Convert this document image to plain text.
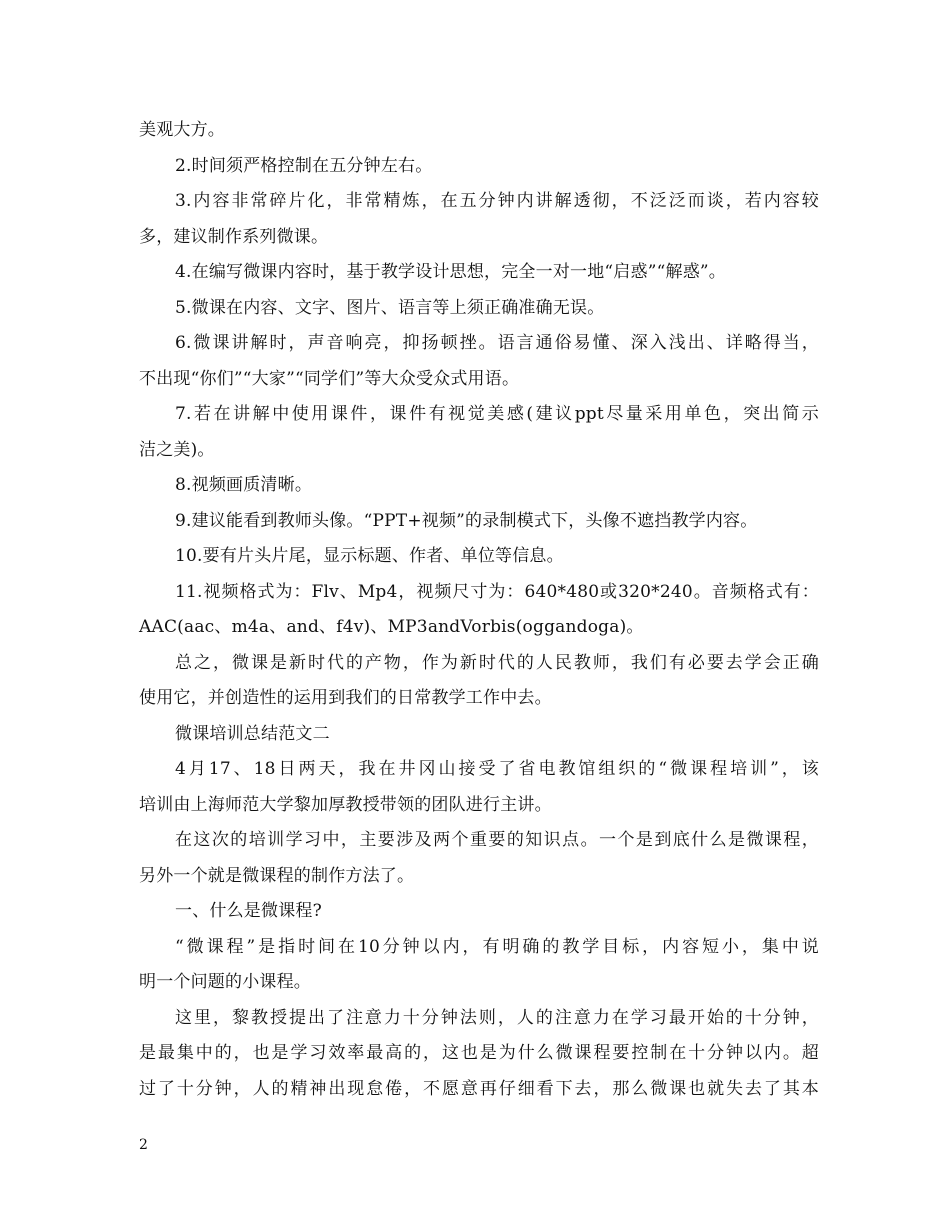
美观大方。
2.时间须严格控制在五分钟左右。
3.内容非常碎片化，非常精炼，在五分钟内讲解透彻，不泛泛而谈，若内容较
多，建议制作系列微课。
4.在编写微课内容时，基于教学设计思想，完全一对一地“启惑”“解惑”。
5.微课在内容、文字、图片、语言等上须正确准确无误。
6.微课讲解时，声音响亮，抑扬顿挫。语言通俗易懂、深入浅出、详略得当，
不出现“你们”“大家”“同学们”等大众受众式用语。
7.若在讲解中使用课件，课件有视觉美感(建议ppt尽量采用单色，突出简示
洁之美)。
8.视频画质清晰。
9.建议能看到教师头像。“PPT+视频”的录制模式下，头像不遮挡教学内容。
10.要有片头片尾，显示标题、作者、单位等信息。
11.视频格式为：Flv、Mp4，视频尺寸为：640*480或320*240。音频格式有：
AAC(aac、m4a、and、f4v)、MP3andVorbis(oggandoga)。
总之，微课是新时代的产物，作为新时代的人民教师，我们有必要去学会正确
使用它，并创造性的运用到我们的日常教学工作中去。
微课培训总结范文二
4月17、18日两天，我在井冈山接受了省电教馆组织的“微课程培训”，该
培训由上海师范大学黎加厚教授带领的团队进行主讲。
在这次的培训学习中，主要涉及两个重要的知识点。一个是到底什么是微课程，
另外一个就是微课程的制作方法了。
一、什么是微课程?
“微课程”是指时间在10分钟以内，有明确的教学目标，内容短小，集中说
明一个问题的小课程。
这里，黎教授提出了注意力十分钟法则，人的注意力在学习最开始的十分钟，
是最集中的，也是学习效率最高的，这也是为什么微课程要控制在十分钟以内。超
过了十分钟，人的精神出现怠倦，不愿意再仔细看下去，那么微课也就失去了其本
2
